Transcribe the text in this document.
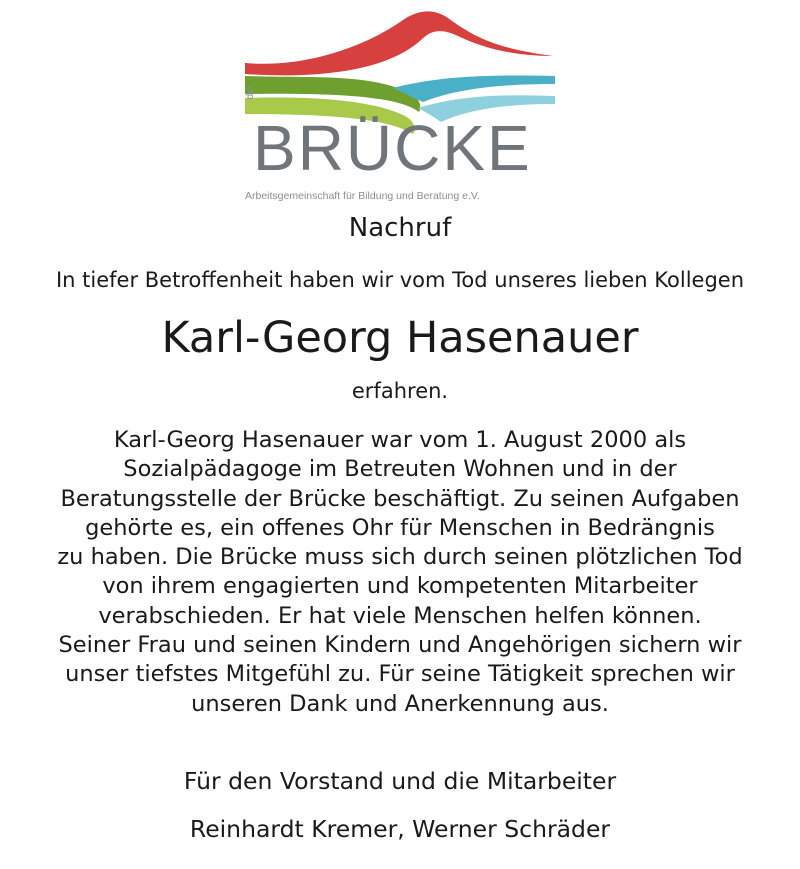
die
BRÜCKE
Arbeitsgemeinschaft für Bildung und Beratung e.V.
Nachruf
In tiefer Betroffenheit haben wir vom Tod unseres lieben Kollegen
Karl-Georg Hasenauer
erfahren.
Karl-Georg Hasenauer war vom 1. August 2000 als
Sozialpädagoge im Betreuten Wohnen und in der
Beratungsstelle der Brücke beschäftigt. Zu seinen Aufgaben
gehörte es, ein offenes Ohr für Menschen in Bedrängnis
zu haben. Die Brücke muss sich durch seinen plötzlichen Tod
von ihrem engagierten und kompetenten Mitarbeiter
verabschieden. Er hat viele Menschen helfen können.
Seiner Frau und seinen Kindern und Angehörigen sichern wir
unser tiefstes Mitgefühl zu. Für seine Tätigkeit sprechen wir
unseren Dank und Anerkennung aus.
Für den Vorstand und die Mitarbeiter
Reinhardt Kremer, Werner Schräder
